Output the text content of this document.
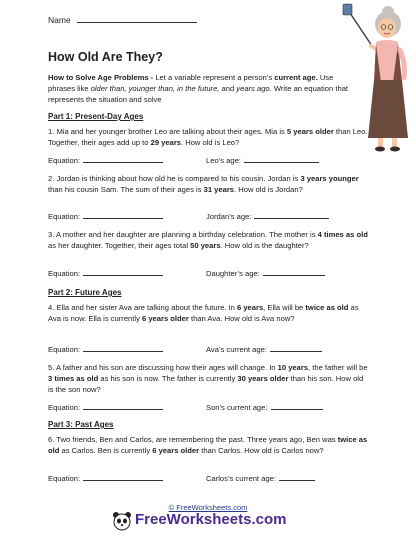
Name
How Old Are They?
How to Solve Age Problems - Let a variable represent a person’s current age. Use phrases like older than, younger than, in the future, and years ago. Write an equation that represents the situation and solve
Part 1: Present-Day Ages
1. Mia and her younger brother Leo are talking about their ages. Mia is 5 years older than Leo. Together, their ages add up to 29 years. How old is Leo?
Equation:	Leo’s age:
2. Jordan is thinking about how old he is compared to his cousin. Jordan is 3 years younger than his cousin Sam. The sum of their ages is 31 years. How old is Jordan?
Equation:	Jordan’s age:
3. A mother and her daughter are planning a birthday celebration. The mother is 4 times as old as her daughter. Together, their ages total 50 years. How old is the daughter?
Equation:	Daughter’s age:
Part 2: Future Ages
4. Ella and her sister Ava are talking about the future. In 6 years, Ella will be twice as old as Ava is now. Ella is currently 6 years older than Ava. How old is Ava now?
Equation:	Ava’s current age:
5. A father and his son are discussing how their ages will change. In 10 years, the father will be 3 times as old as his son is now. The father is currently 30 years older than his son. How old is the son now?
Equation:	Son’s current age:
Part 3: Past Ages
6. Two friends, Ben and Carlos, are remembering the past. Three years ago, Ben was twice as old as Carlos. Ben is currently 6 years older than Carlos. How old is Carlos now?
Equation:	Carlos’s current age:
© FreeWorksheets.com
FreeWorksheets.com
